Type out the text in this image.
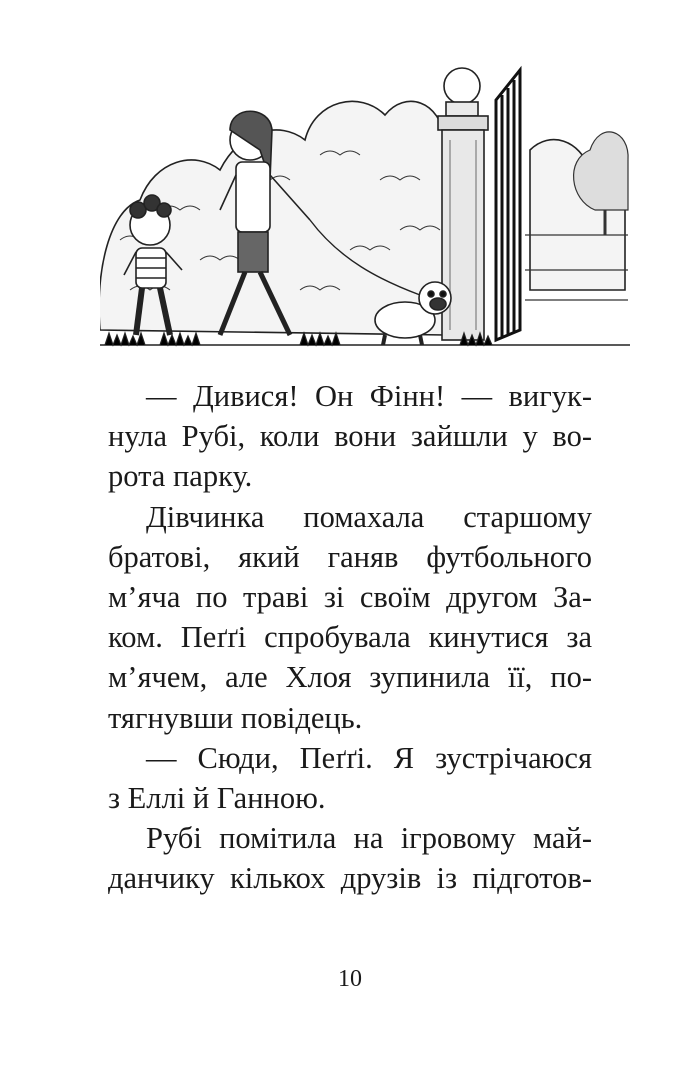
— Дивися! Он Фінн! — вигук-
нула Рубі, коли вони зайшли у во-
рота парку.
Дівчинка помахала старшому
братові, який ганяв футбольного
м’яча по траві зі своїм другом За-
ком. Пеґґі спробувала кинутися за
м’ячем, але Хлоя зупинила її, по-
тягнувши повідець.
— Сюди, Пеґґі. Я зустрічаюся
з Еллі й Ганною.
Рубі помітила на ігровому май-
данчику кількох друзів із підготов-
10
